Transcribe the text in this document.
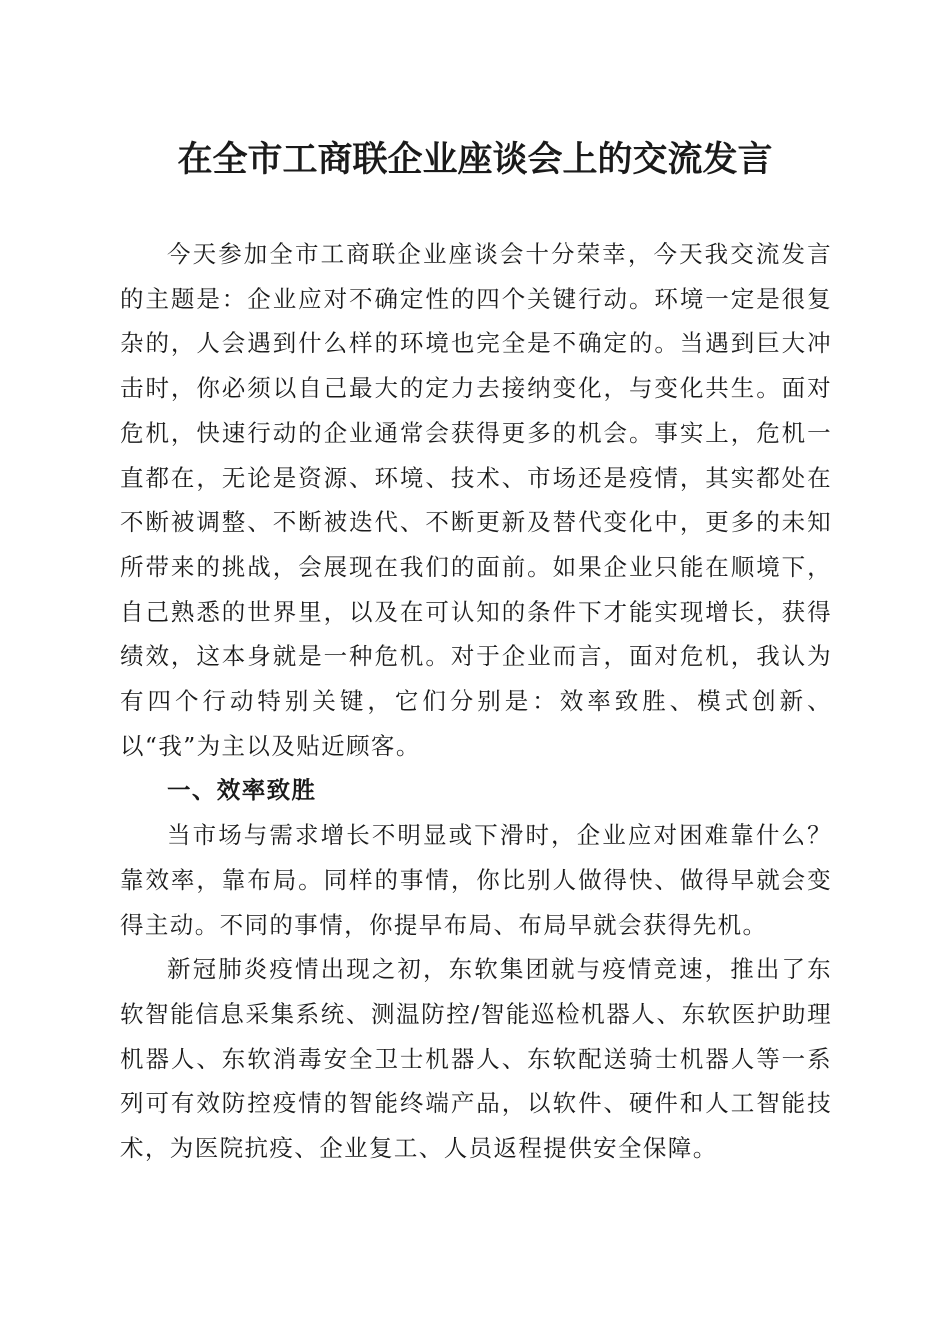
在全市工商联企业座谈会上的交流发言

今天参加全市工商联企业座谈会十分荣幸，今天我交流发言的主题是：企业应对不确定性的四个关键行动。环境一定是很复杂的，人会遇到什么样的环境也完全是不确定的。当遇到巨大冲击时，你必须以自己最大的定力去接纳变化，与变化共生。面对危机，快速行动的企业通常会获得更多的机会。事实上，危机一直都在，无论是资源、环境、技术、市场还是疫情，其实都处在不断被调整、不断被迭代、不断更新及替代变化中，更多的未知所带来的挑战，会展现在我们的面前。如果企业只能在顺境下，自己熟悉的世界里，以及在可认知的条件下才能实现增长，获得绩效，这本身就是一种危机。对于企业而言，面对危机，我认为有四个行动特别关键，它们分别是：效率致胜、模式创新、以“我”为主以及贴近顾客。

一、效率致胜

当市场与需求增长不明显或下滑时，企业应对困难靠什么？靠效率，靠布局。同样的事情，你比别人做得快、做得早就会变得主动。不同的事情，你提早布局、布局早就会获得先机。

新冠肺炎疫情出现之初，东软集团就与疫情竞速，推出了东软智能信息采集系统、测温防控/智能巡检机器人、东软医护助理机器人、东软消毒安全卫士机器人、东软配送骑士机器人等一系列可有效防控疫情的智能终端产品，以软件、硬件和人工智能技术，为医院抗疫、企业复工、人员返程提供安全保障。
